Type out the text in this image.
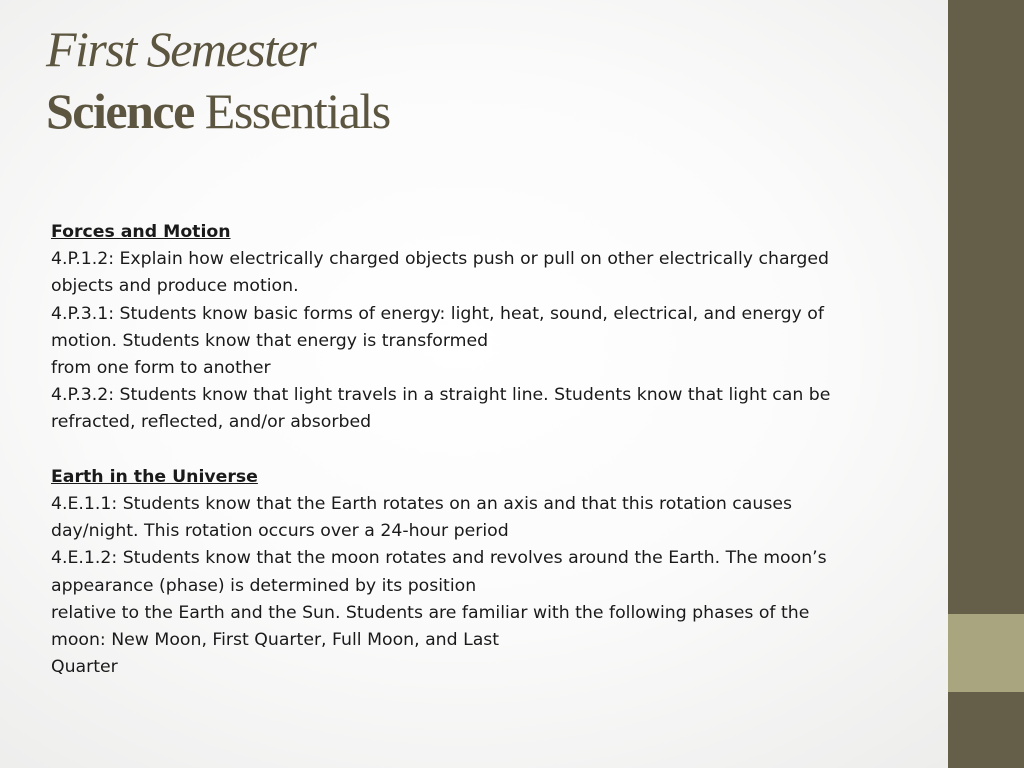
First Semester
Science Essentials

Forces and Motion

4.P.1.2: Explain how electrically charged objects push or pull on other electrically charged

objects and produce motion.

4.P.3.1: Students know basic forms of energy: light, heat, sound, electrical, and energy of

motion. Students know that energy is transformed

from one form to another

4.P.3.2: Students know that light travels in a straight line. Students know that light can be

refracted, reflected, and/or absorbed

Earth in the Universe

4.E.1.1: Students know that the Earth rotates on an axis and that this rotation causes

day/night. This rotation occurs over a 24-hour period

4.E.1.2: Students know that the moon rotates and revolves around the Earth. The moon’s

appearance (phase) is determined by its position

relative to the Earth and the Sun. Students are familiar with the following phases of the

moon: New Moon, First Quarter, Full Moon, and Last

Quarter
